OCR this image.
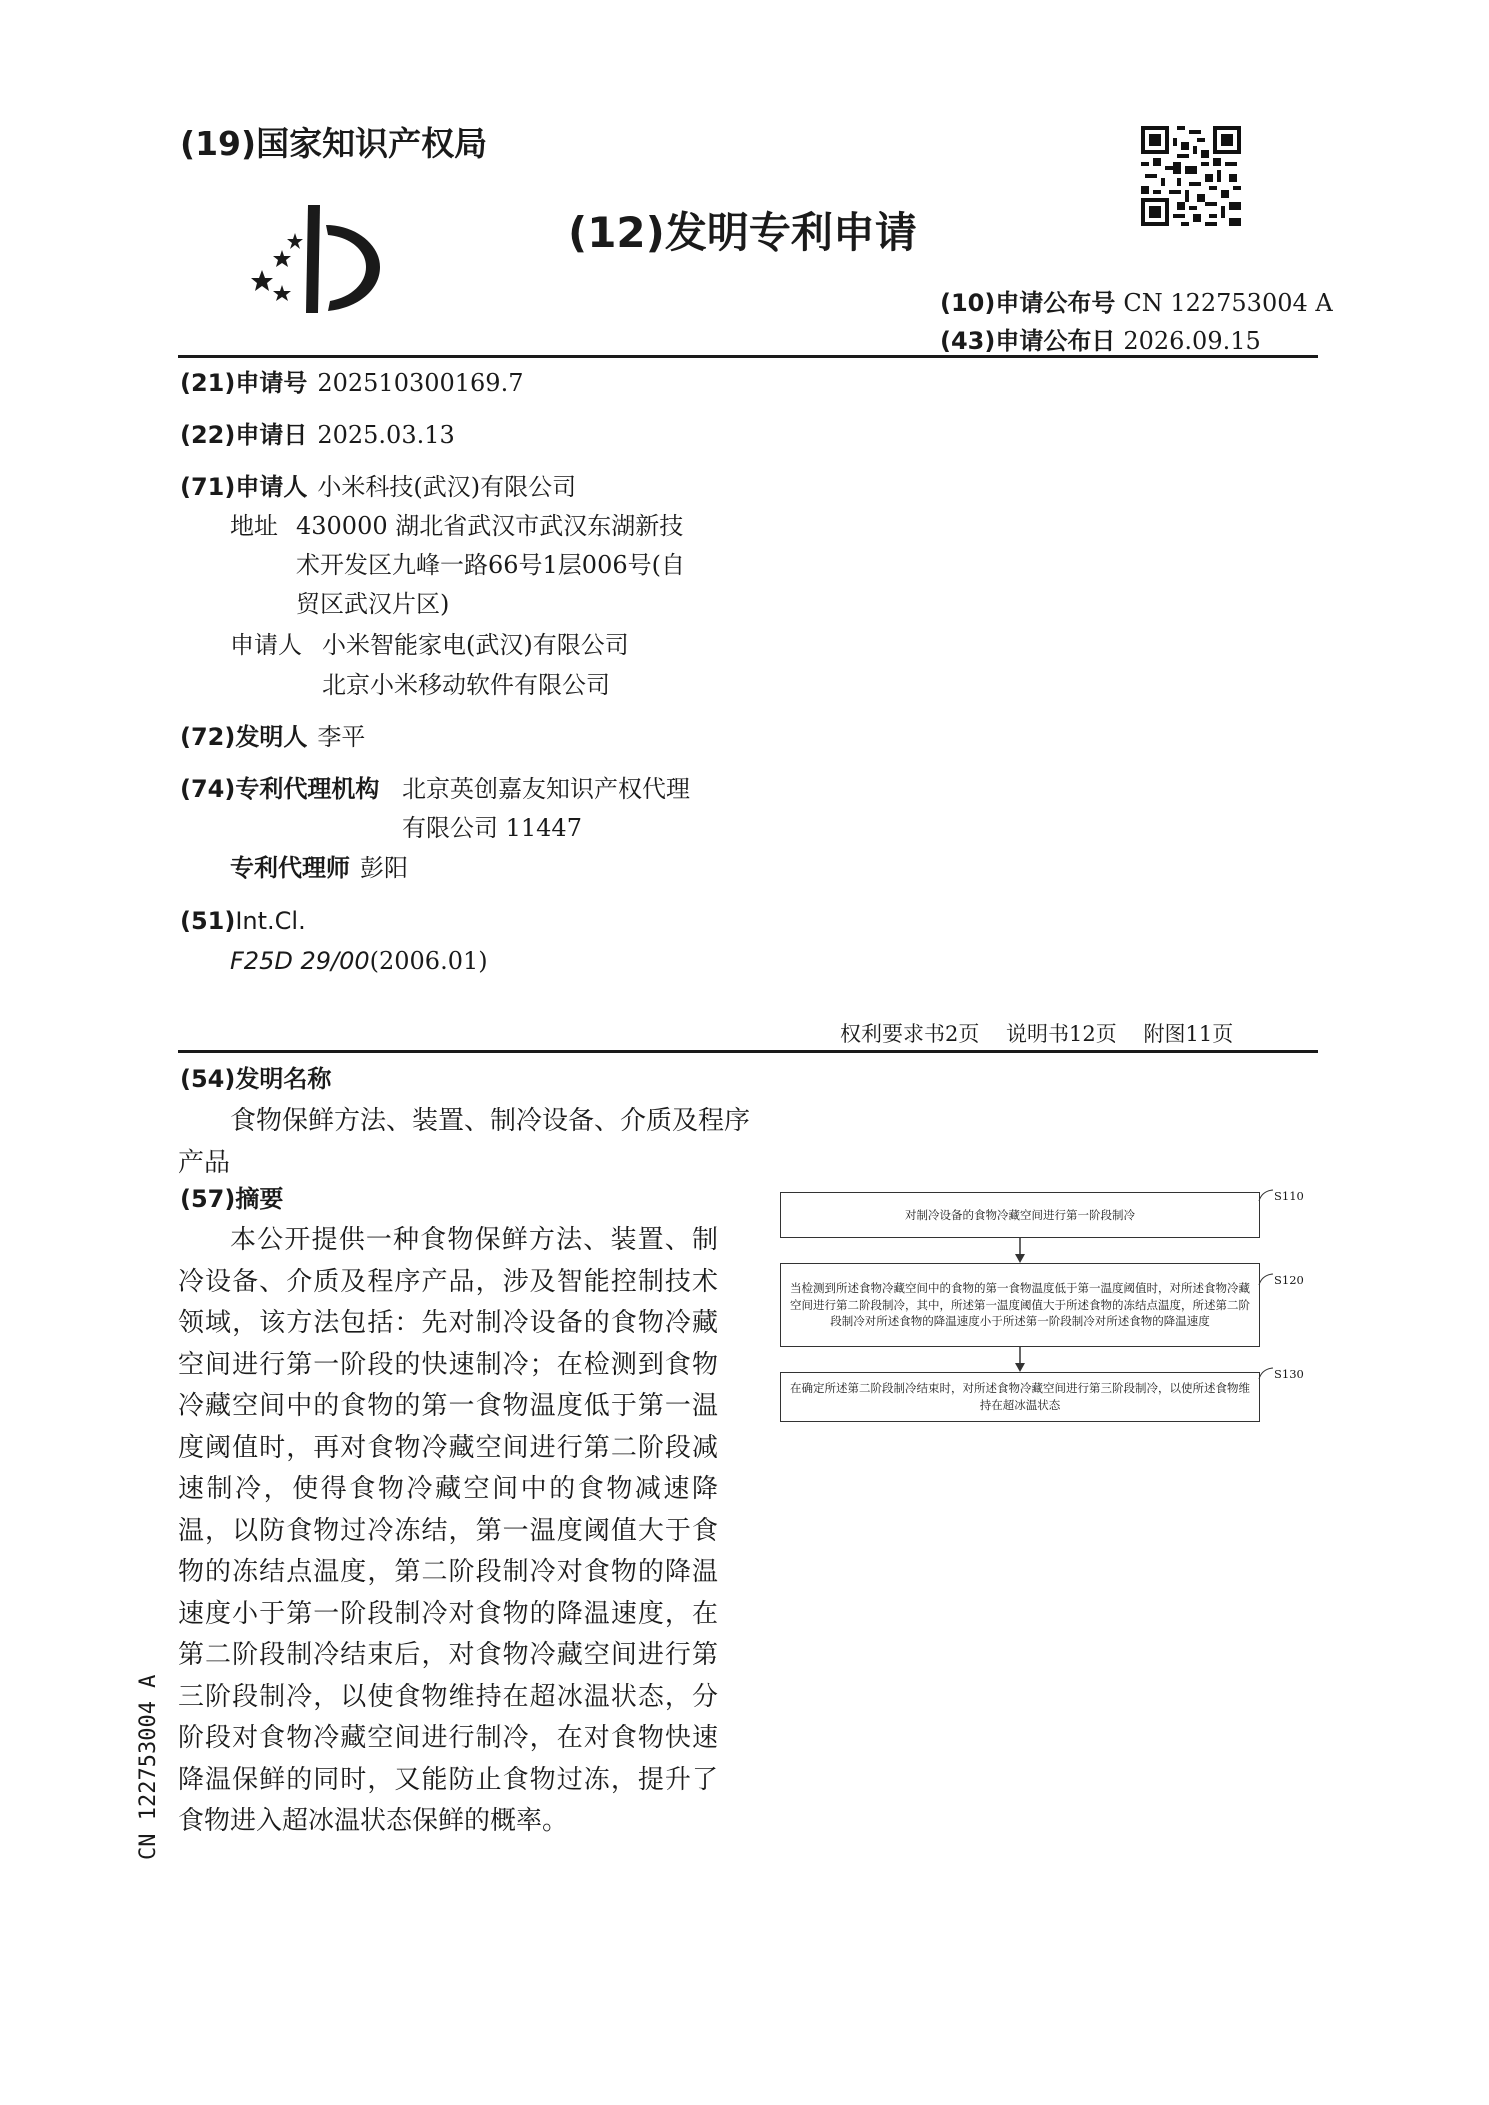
(19)国家知识产权局
(12)发明专利申请
(10)申请公布号 CN 122753004 A
(43)申请公布日 2026.09.15
(21)申请号 202510300169.7
(22)申请日 2025.03.13
(71)申请人 小米科技(武汉)有限公司
地址 430000 湖北省武汉市武汉东湖新技
术开发区九峰一路66号1层006号(自
贸区武汉片区)
申请人 小米智能家电(武汉)有限公司
北京小米移动软件有限公司
(72)发明人 李平
(74)专利代理机构 北京英创嘉友知识产权代理
有限公司 11447
专利代理师 彭阳
(51)Int.Cl.
F25D 29/00(2006.01)
权利要求书2页    说明书12页    附图11页
(54)发明名称
食物保鲜方法、装置、制冷设备、介质及程序
产品
(57)摘要
本公开提供一种食物保鲜方法、装置、制冷设备、介质及程序产品，涉及智能控制技术领域，该方法包括：先对制冷设备的食物冷藏空间进行第一阶段的快速制冷；在检测到食物冷藏空间中的食物的第一食物温度低于第一温度阈值时，再对食物冷藏空间进行第二阶段减速制冷，使得食物冷藏空间中的食物减速降温，以防食物过冷冻结，第一温度阈值大于食物的冻结点温度，第二阶段制冷对食物的降温速度小于第一阶段制冷对食物的降温速度，在第二阶段制冷结束后，对食物冷藏空间进行第三阶段制冷，以使食物维持在超冰温状态，分阶段对食物冷藏空间进行制冷，在对食物快速降温保鲜的同时，又能防止食物过冻，提升了食物进入超冰温状态保鲜的概率。
对制冷设备的食物冷藏空间进行第一阶段制冷
S110
当检测到所述食物冷藏空间中的食物的第一食物温度低于第一温度阈值时，对所述食物冷藏空间进行第二阶段制冷，其中，所述第一温度阈值大于所述食物的冻结点温度，所述第二阶段制冷对所述食物的降温速度小于所述第一阶段制冷对所述食物的降温速度
S120
在确定所述第二阶段制冷结束时，对所述食物冷藏空间进行第三阶段制冷，以使所述食物维持在超冰温状态
S130
CN 122753004 A
